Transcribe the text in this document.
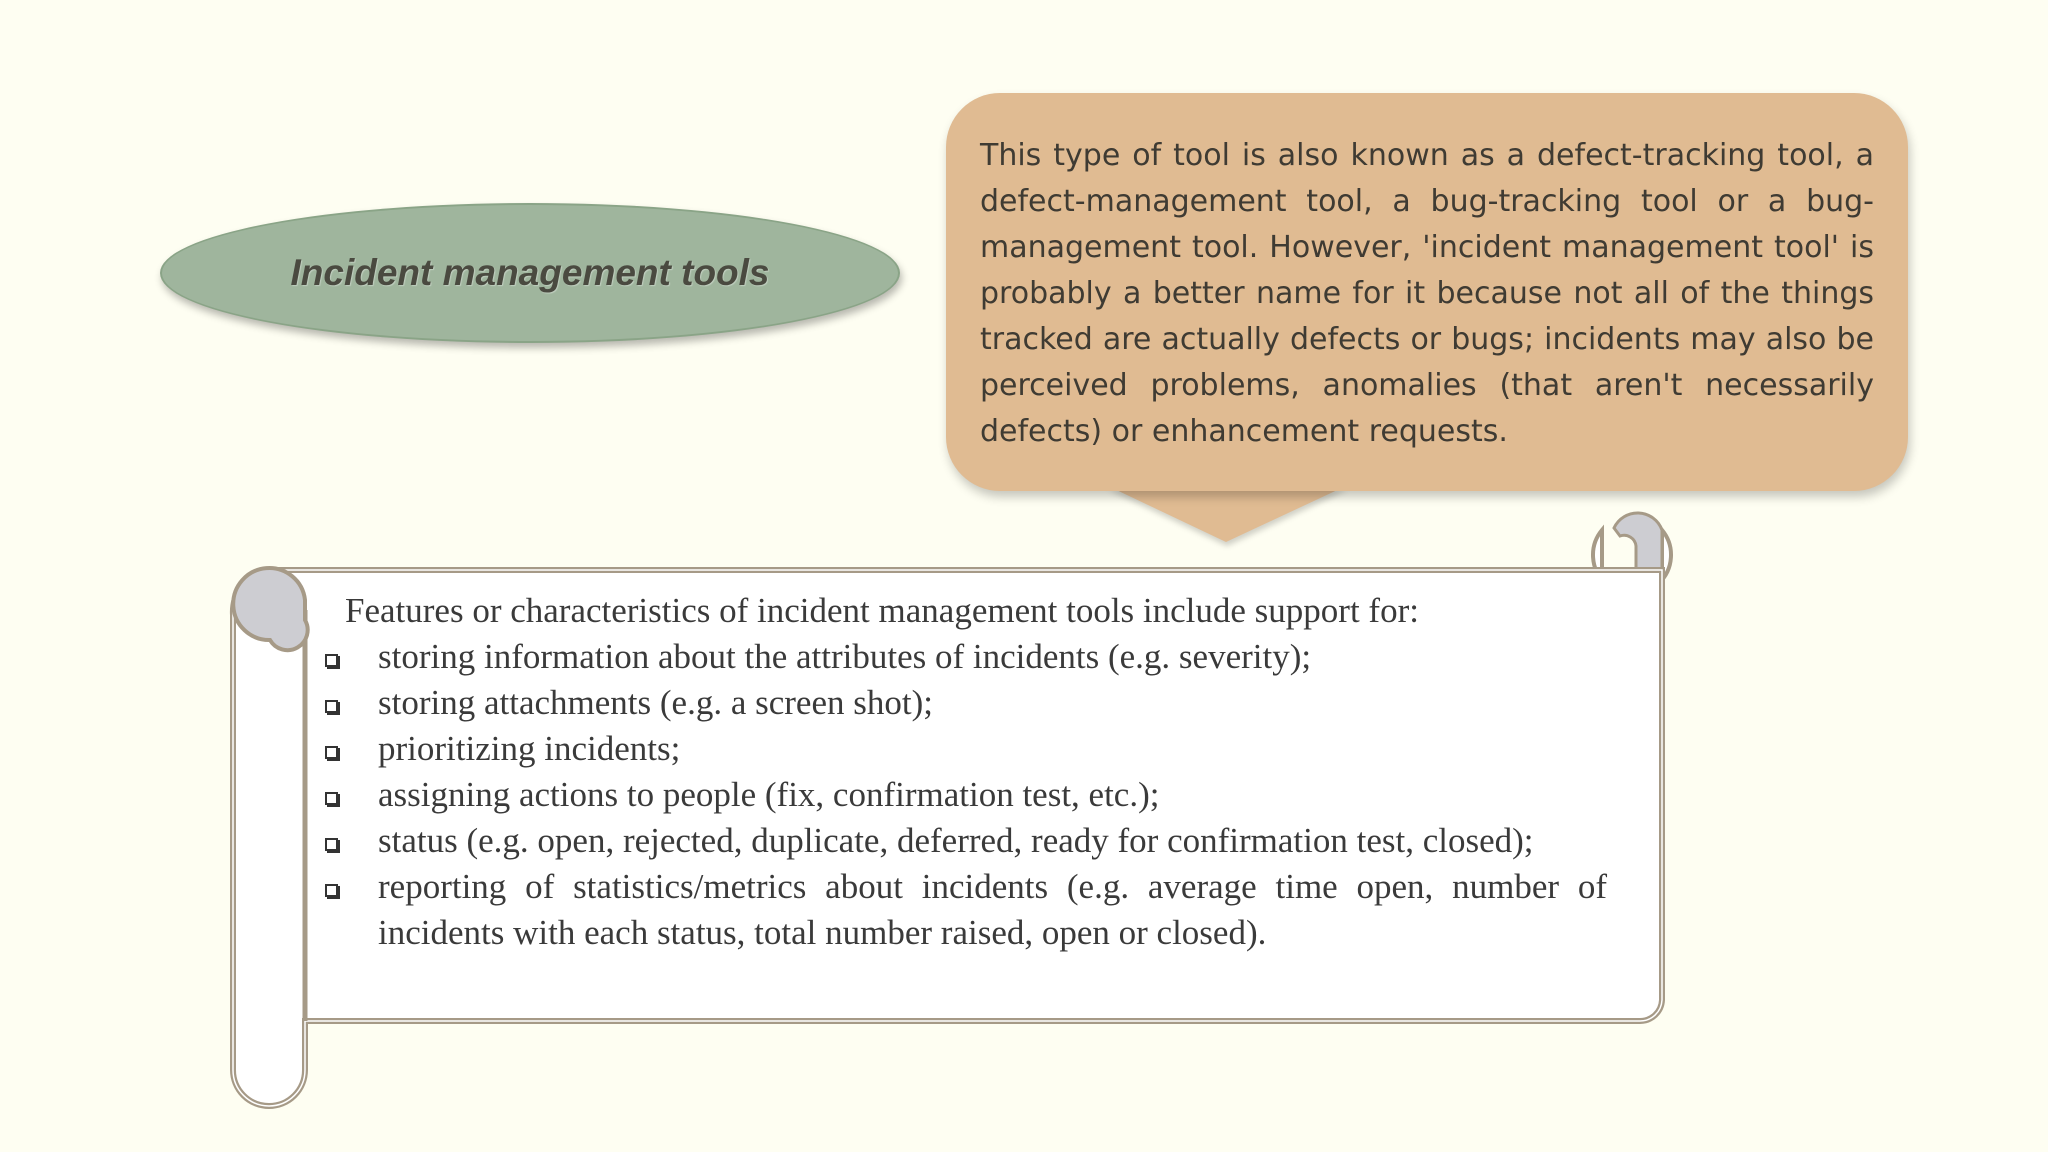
Incident management tools
This type of tool is also known as a defect-tracking tool, a defect-management tool, a bug-tracking tool or a bug-management tool. However, 'incident management tool' is probably a better name for it because not all of the things tracked are actually defects or bugs; incidents may also be perceived problems, anomalies (that aren't necessarily defects) or enhancement requests.
Features or characteristics of incident management tools include support for:
storing information about the attributes of incidents (e.g. severity);
storing attachments (e.g. a screen shot);
prioritizing incidents;
assigning actions to people (fix, confirmation test, etc.);
status (e.g. open, rejected, duplicate, deferred, ready for confirmation test, closed);
reporting of statistics/metrics about incidents (e.g. average time open, number of incidents with each status, total number raised, open or closed).
